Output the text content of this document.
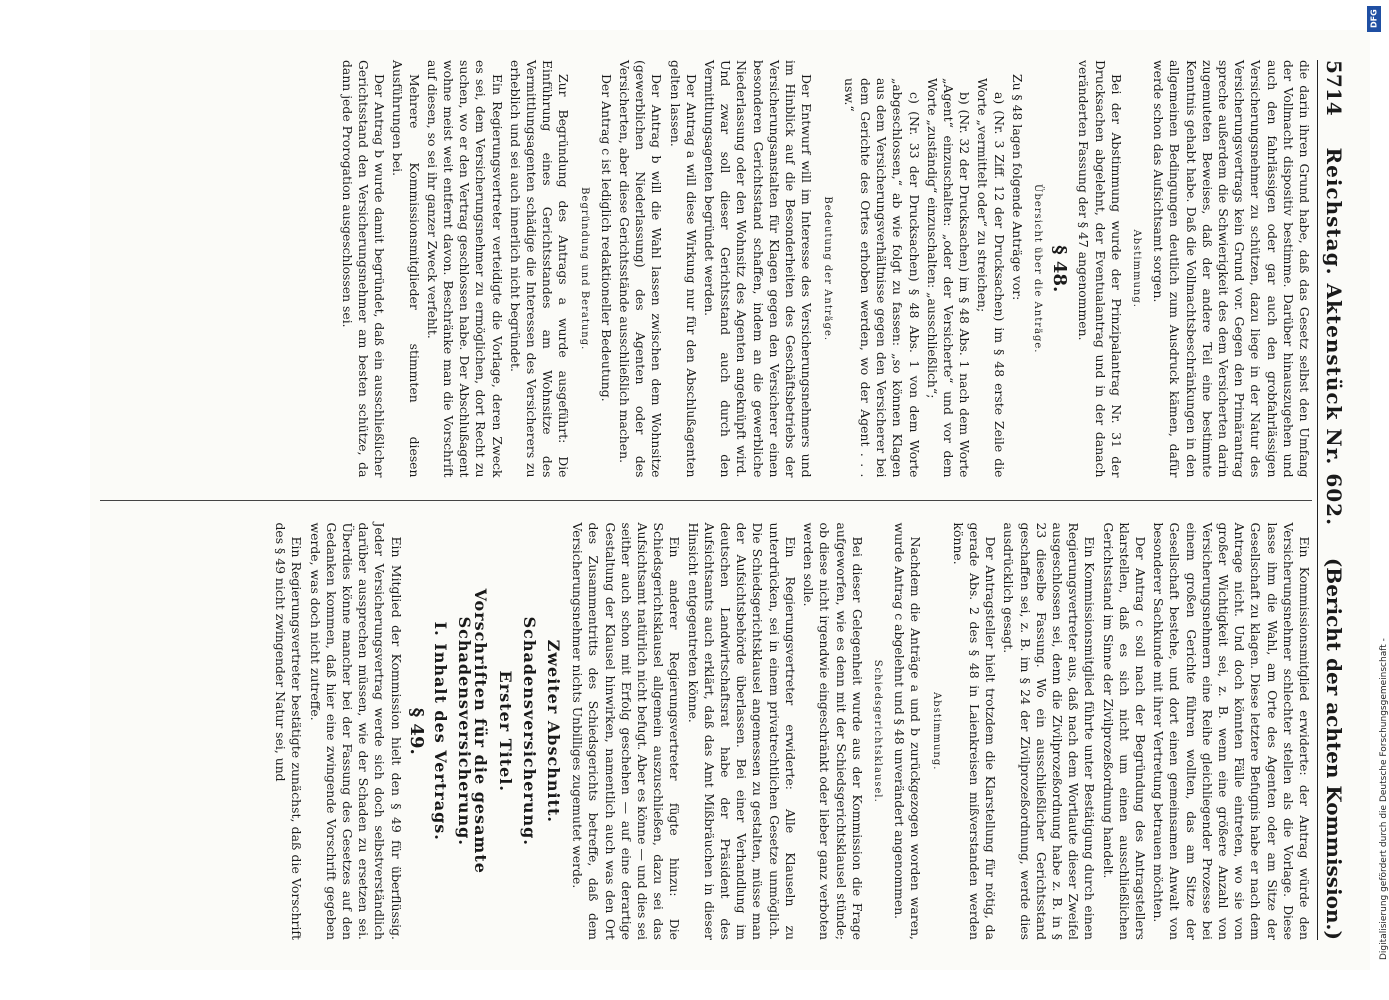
5714
Reichstag. Aktenstück Nr. 602.
(Bericht der achten Kommission.)

die darin ihren Grund habe, daß das Gesetz selbst den Umfang der Vollmacht dispositiv bestimme. Darüber hinauszugehen und auch den fahrlässigen oder gar auch den grobfahrlässigen Versicherungsnehmer zu schützen, dazu liege in der Natur des Versicherungsvertrags kein Grund vor. Gegen den Primärantrag spreche außerdem die Schwierigkeit des dem Versicherten darin zugemuteten Beweises, daß der andere Teil eine bestimmte Kenntnis gehabt habe. Daß die Vollmachtsbeschränkungen in den allgemeinen Bedingungen deutlich zum Ausdruck kämen, dafür werde schon das Aufsichtsamt sorgen.

Abstimmung.

Bei der Abstimmung wurde der Prinzipalantrag Nr. 31 der Drucksachen abgelehnt, der Eventualantrag und in der danach veränderten Fassung der § 47 angenommen.

§ 48.
Übersicht über die Anträge.

Zu § 48 lagen folgende Anträge vor:

a) (Nr. 3 Ziff. 12 der Drucksachen) im § 48 erste Zeile die Worte „vermittelt oder“ zu streichen;

b) (Nr. 32 der Drucksachen) im § 48 Abs. 1 nach dem Worte „Agent“ einzuschalten: „oder der Versicherte“ und vor dem Worte „zuständig“ einzuschalten: „ausschließlich“;

c) (Nr. 33 der Drucksachen) § 48 Abs. 1 von dem Worte „abgeschlossen,“ ab wie folgt zu fassen: „so können Klagen aus dem Versicherungsverhältnisse gegen den Versicherer bei dem Gerichte des Ortes erhoben werden, wo der Agent . . . usw.“

Bedeutung der Anträge.

Der Entwurf will im Interesse des Versicherungsnehmers und im Hinblick auf die Besonderheiten des Geschäftsbetriebs der Versicherungsanstalten für Klagen gegen den Versicherer einen besonderen Gerichtsstand schaffen, indem an die gewerbliche Niederlassung oder den Wohnsitz des Agenten angeknüpft wird. Und zwar soll dieser Gerichtsstand auch durch den Vermittlungsagenten begründet werden.

Der Antrag a will diese Wirkung nur für den Abschlußagenten gelten lassen.

Der Antrag b will die Wahl lassen zwischen dem Wohnsitze (gewerblichen Niederlassung) des Agenten oder des Versicherten, aber diese Gerichtsstände ausschließlich machen.

Der Antrag c ist lediglich redaktioneller Bedeutung.

Begründung und Beratung.

Zur Begründung des Antrags a wurde ausgeführt: Die Einführung eines Gerichtsstandes am Wohnsitze des Vermittlungsagenten schädige die Interessen des Versicherers zu erheblich und sei auch innerlich nicht begründet.

Ein Regierungsvertreter verteidigte die Vorlage, deren Zweck es sei, dem Versicherungsnehmer zu ermöglichen, dort Recht zu suchen, wo er den Vertrag geschlossen habe. Der Abschlußagent wohne meist weit entfernt davon. Beschränke man die Vorschrift auf diesen, so sei ihr ganzer Zweck verfehlt.

Mehrere Kommissionsmitglieder stimmten diesen Ausführungen bei.

Der Antrag b wurde damit begründet, daß ein ausschließlicher Gerichtsstand den Versicherungsnehmer am besten schütze, da dann jede Prorogation ausgeschlossen sei.

Ein Kommissionsmitglied erwiderte: der Antrag würde den Versicherungsnehmer schlechter stellen als die Vorlage. Diese lasse ihm die Wahl, am Orte des Agenten oder am Sitze der Gesellschaft zu klagen. Diese letztere Befugnis habe er nach dem Antrage nicht. Und doch könnten Fälle eintreten, wo sie von großer Wichtigkeit sei, z. B. wenn eine größere Anzahl von Versicherungsnehmern eine Reihe gleichliegender Prozesse bei einem großen Gerichte führen wollten, das am Sitze der Gesellschaft bestehe, und dort einen gemeinsamen Anwalt von besonderer Sachkunde mit ihrer Vertretung betrauen möchten.

Der Antrag c soll nach der Begründung des Antragstellers klarstellen, daß es sich nicht um einen ausschließlichen Gerichtsstand im Sinne der Zivilprozeßordnung handelt.

Ein Kommissionsmitglied führte unter Bestätigung durch einen Regierungsvertreter aus, daß nach dem Wortlaute dieser Zweifel ausgeschlossen sei, denn die Zivilprozeßordnung habe z. B. in § 23 dieselbe Fassung. Wo ein ausschließlicher Gerichtsstand geschaffen sei, z. B. im § 24 der Zivilprozeßordnung, werde dies ausdrücklich gesagt.

Der Antragsteller hielt trotzdem die Klarstellung für nötig, da gerade Abs. 2 des § 48 in Laienkreisen mißverstanden werden könne.

Abstimmung.

Nachdem die Anträge a und b zurückgezogen worden waren, wurde Antrag c abgelehnt und § 48 unverändert angenommen.

Schiedsgerichtsklausel.

Bei dieser Gelegenheit wurde aus der Kommission die Frage aufgeworfen, wie es denn mit der Schiedsgerichtsklausel stünde; ob diese nicht irgendwie eingeschränkt oder lieber ganz verboten werden solle.

Ein Regierungsvertreter erwiderte: Alle Klauseln zu unterdrücken, sei in einem privatrechtlichen Gesetze unmöglich. Die Schiedsgerichtsklausel angemessen zu gestalten, müsse man der Aufsichtsbehörde überlassen. Bei einer Verhandlung im deutschen Landwirtschaftsrat habe der Präsident des Aufsichtsamts auch erklärt, daß das Amt Mißbräuchen in dieser Hinsicht entgegentreten könne.

Ein anderer Regierungsvertreter fügte hinzu: Die Schiedsgerichtsklausel allgemein auszuschließen, dazu sei das Aufsichtsamt natürlich nicht befugt. Aber es könne — und dies sei seither auch schon mit Erfolg geschehen — auf eine derartige Gestaltung der Klausel hinwirken, namentlich auch was den Ort des Zusammentritts des Schiedsgerichts betreffe, daß dem Versicherungsnehmer nichts Unbilliges zugemutet werde.

Zweiter Abschnitt.
Schadensversicherung.
Erster Titel.
Vorschriften für die gesamte Schadensversicherung.
I. Inhalt des Vertrags.
§ 49.

Ein Mitglied der Kommission hielt den § 49 für überflüssig. Jeder Versicherungsvertrag werde sich doch selbstverständlich darüber aussprechen müssen, wie der Schaden zu ersetzen sei. Überdies könne mancher bei der Fassung des Gesetzes auf den Gedanken kommen, daß hier eine zwingende Vorschrift gegeben werde, was doch nicht zutreffe.

Ein Regierungsvertreter bestätigte zunächst, daß die Vorschrift des § 49 nicht zwingender Natur sei, und

DFG
Digitalisierung gefördert durch die Deutsche Forschungsgemeinschaft -
